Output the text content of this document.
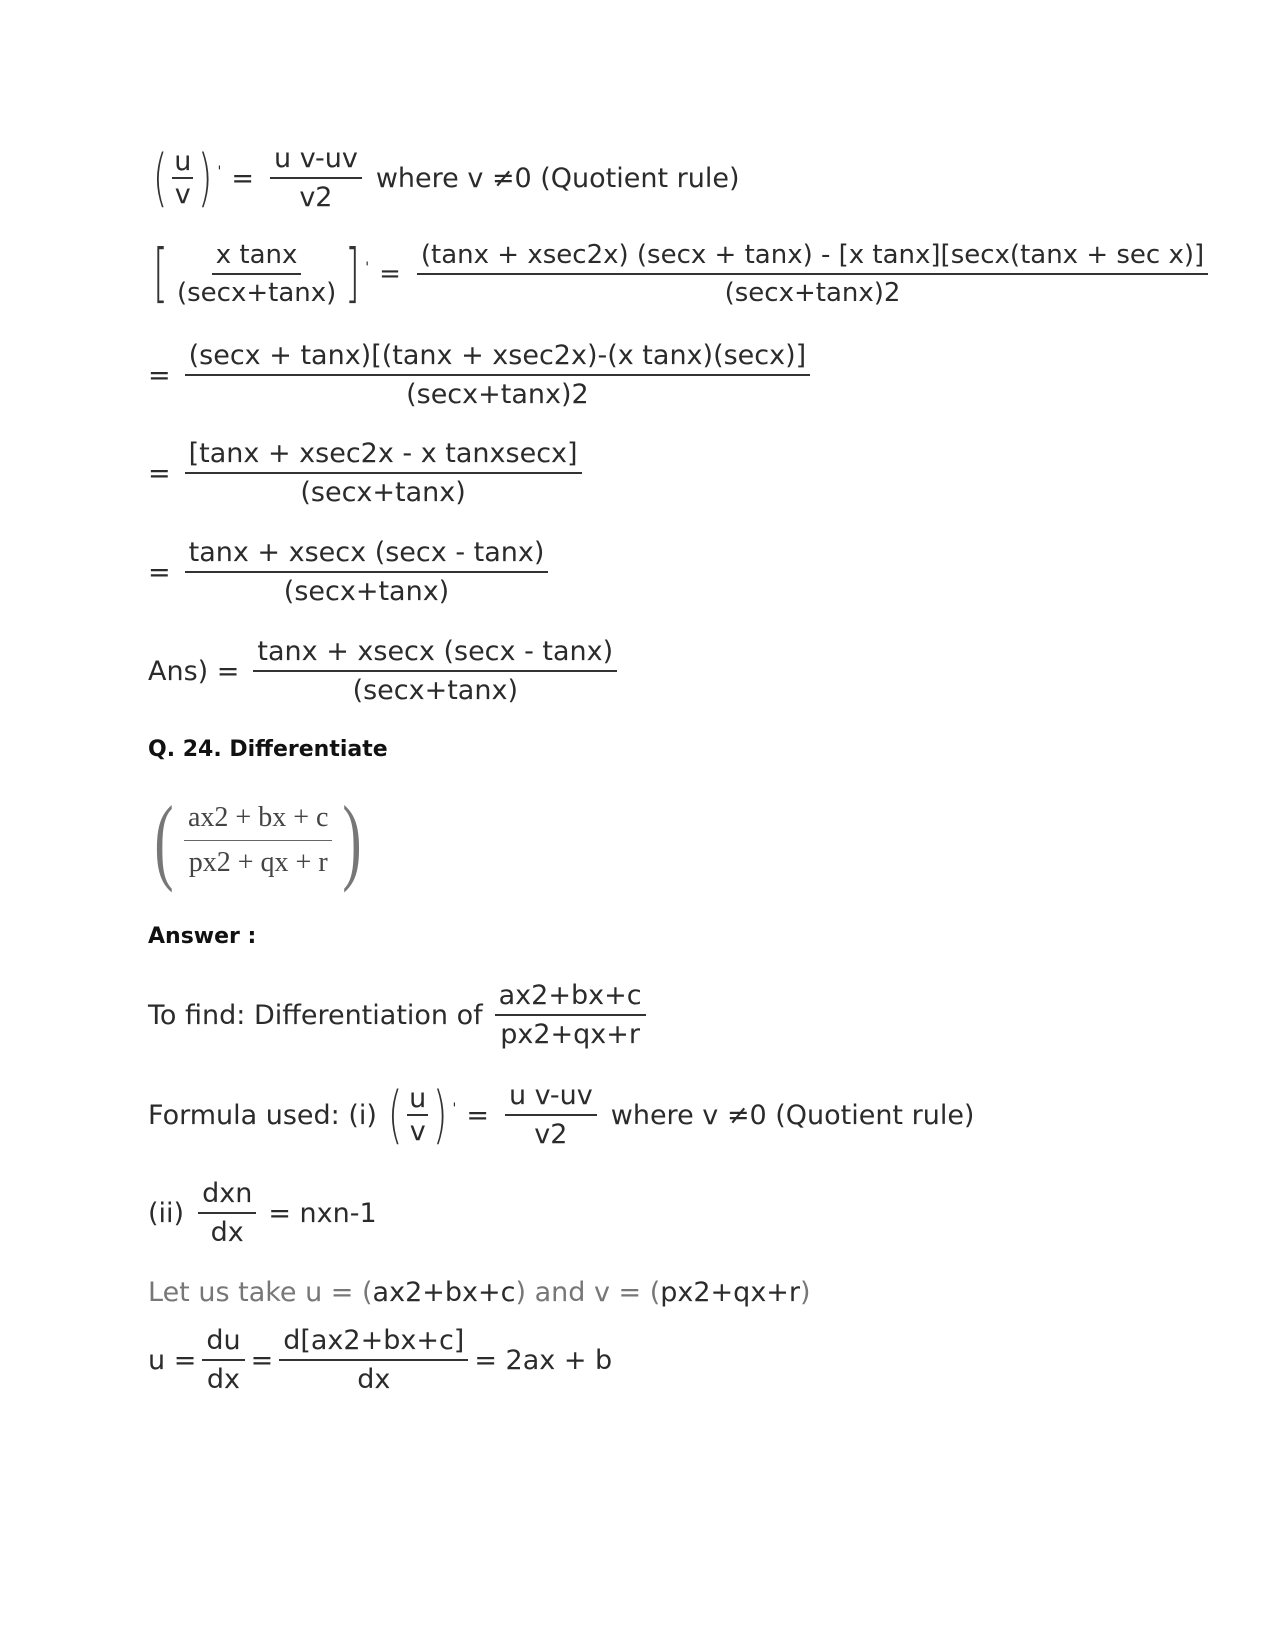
( $\frac{u}{v}$ ) ' = $\frac{\text{u v-uv}}{v2}$ where v ≠0 (Quotient rule)
[ $\frac{\text{x tanx}}{(\sec x+\tan x)}$ ] ' = $\frac{\text{(tanx + xsec2x) (secx + tanx) - [x tanx][secx(tanx + sec x)]}}{(\sec x+\tan x)2}$
= $\frac{\text{(secx + tanx)[(tanx + xsec2x)-(x tanx)(secx)]}}{(\sec x+\tan x)2}$
= $\frac{\text{[tanx + xsec2x - x tanxsecx]}}{(\sec x+\tan x)}$
= $\frac{\tan x + xsecx (\sec x - \tan x)}{(\sec x+\tan x)}$
$Ans) = \frac{\tan x + xsecx (\sec x - \tan x)}{(\sec x+\tan x)}$
Q. 24. Differentiate
( $\frac{ax2 + bx + c}{px2 + qx + r}$ )
Answer :
To find: Differentiation of $\frac{ax2+bx+c}{px2+qx+r}$
Formula used: (i) ( $\frac{u}{v}$ ) ' = $\frac{\text{u v-uv}}{v2}$ where v ≠0 (Quotient rule)
$(ii) \frac{\text{dxn}}{dx} = nxn-1$
Let us take u = ( ax2+bx+c ) and v = ( px2+qx+r )
$u = \frac{du}{dx} = \frac{d[ax2+bx+c]}{dx} = 2ax + b$
